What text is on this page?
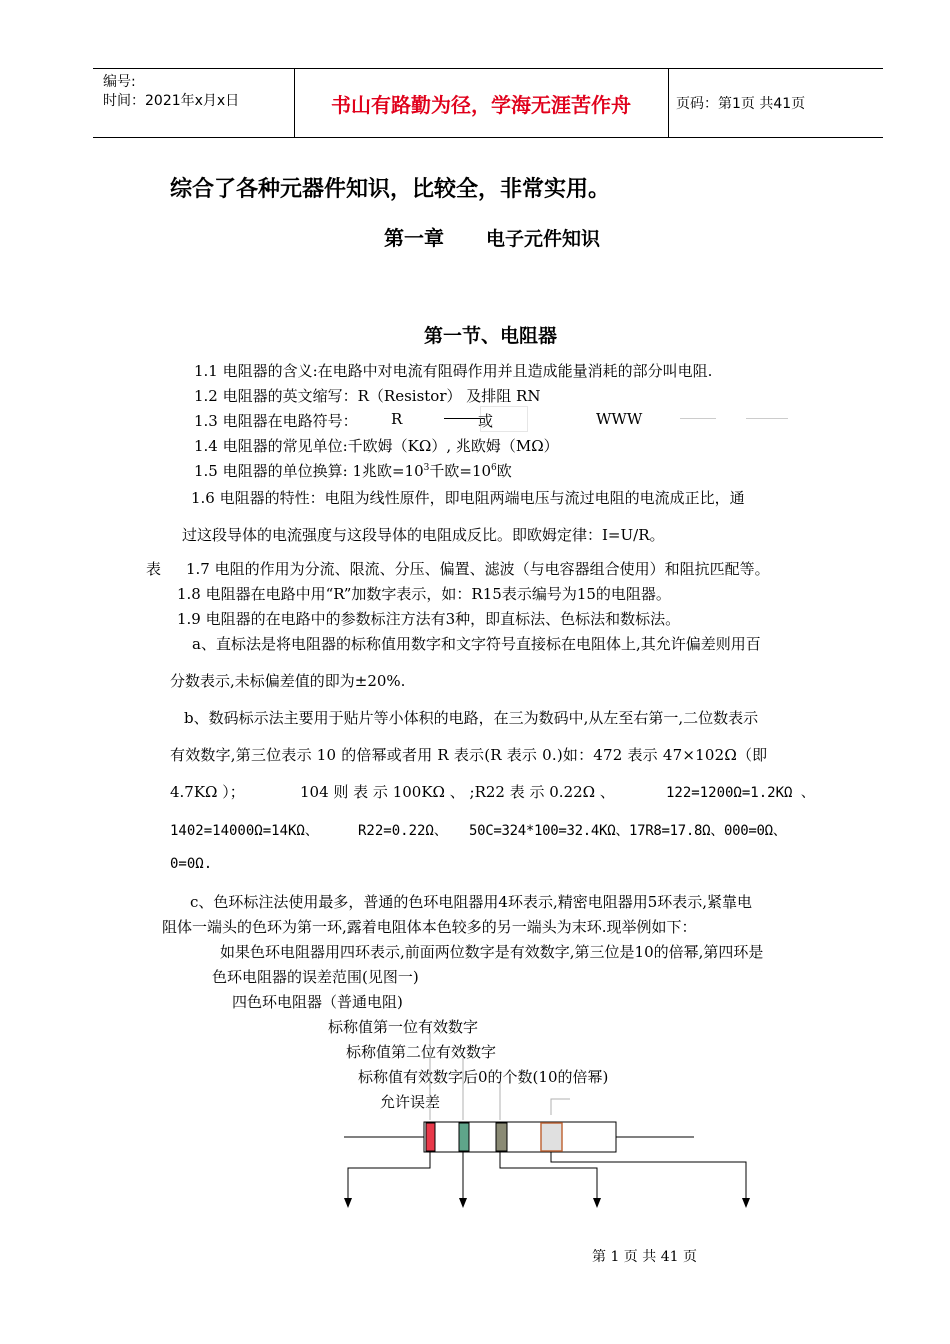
编号:
时间：2021年x月x日	书山有路勤为径，学海无涯苦作舟	页码：第1页 共41页
综合了各种元器件知识，比较全，非常实用。
第一章 电子元件知识
第一节、电阻器
1.1 电阻器的含义:在电路中对电流有阻碍作用并且造成能量消耗的部分叫电阻.
1.2 电阻器的英文缩写：R（Resistor） 及排阻 RN
1.3 电阻器在电路符号： R	或	WWW
1.4 电阻器的常见单位:千欧姆（KΩ）, 兆欧姆（MΩ）
1.5 电阻器的单位换算: 1兆欧$=10^3$千欧$=10^6$欧
1.6 电阻器的特性：电阻为线性原件，即电阻两端电压与流过电阻的电流成正比，通
过这段导体的电流强度与这段导体的电阻成反比。即欧姆定律：I=U/R。
表 1.7 电阻的作用为分流、限流、分压、偏置、滤波（与电容器组合使用）和阻抗匹配等。
1.8 电阻器在电路中用“R”加数字表示，如：R15表示编号为15的电阻器。
1.9 电阻器的在电路中的参数标注方法有3种，即直标法、色标法和数标法。
a、直标法是将电阻器的标称值用数字和文字符号直接标在电阻体上,其允许偏差则用百
分数表示,未标偏差值的即为±20%.
b、数码标示法主要用于贴片等小体积的电路，在三为数码中,从左至右第一,二位数表示
有效数字,第三位表示 10 的倍幂或者用 R 表示(R 表示 0.)如：472 表示 47×102Ω（即
4.7KΩ ）；	104 则 表 示 100KΩ 、 ;R22 表 示 0.22Ω 、	122=1200Ω=1.2KΩ 、
1402=14000Ω=14KΩ、	R22=0.22Ω、 50C=324*100=32.4KΩ、17R8=17.8Ω、000=0Ω、
0=0Ω.
c、色环标注法使用最多，普通的色环电阻器用4环表示,精密电阻器用5环表示,紧靠电
阻体一端头的色环为第一环,露着电阻体本色较多的另一端头为末环.现举例如下：
如果色环电阻器用四环表示,前面两位数字是有效数字,第三位是10的倍幂,第四环是
色环电阻器的误差范围(见图一)
四色环电阻器（普通电阻)
标称值第一位有效数字
标称值第二位有效数字
标称值有效数字后0的个数(10的倍幂)
允许误差
第 1 页 共 41 页
